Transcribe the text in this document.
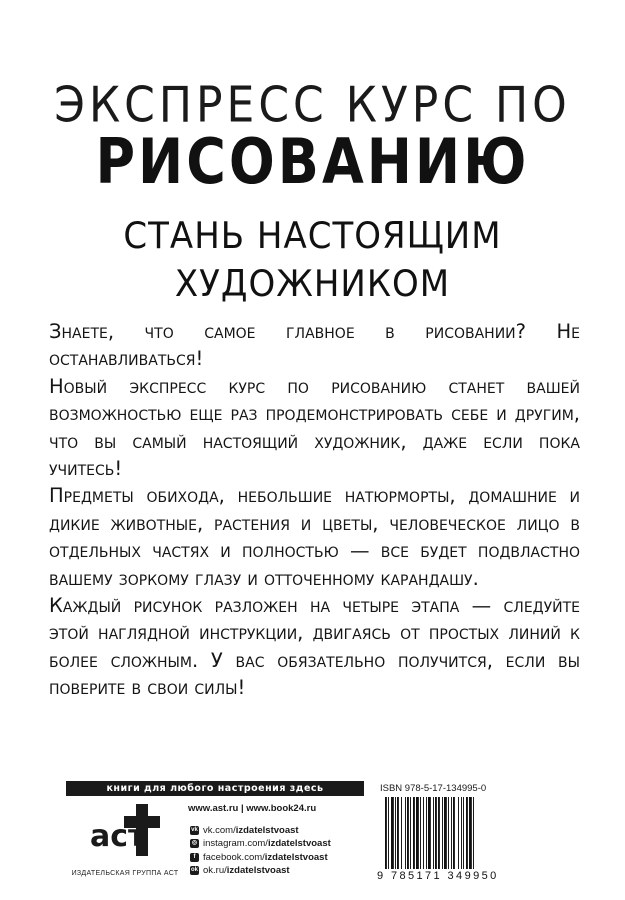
ЭКСПРЕСС КУРС ПО
РИСОВАНИЮ
СТАНЬ НАСТОЯЩИМ
ХУДОЖНИКОМ

Знаете, что самое главное в рисовании? Не останавливаться!

Новый экспресс курс по рисованию станет вашей возможностью еще раз продемонстрировать себе и другим, что вы самый настоящий художник, даже если пока учитесь!

Предметы обихода, небольшие натюрморты, домашние и дикие животные, растения и цветы, человеческое лицо в отдельных частях и полностью — все будет подвластно вашему зоркому глазу и отточенному карандашу.

Каждый рисунок разложен на четыре этапа — следуйте этой наглядной инструкции, двигаясь от простых линий к более сложным. У вас обязательно получится, если вы поверите в свои силы!

книги для любого настроения здесь
аст
ИЗДАТЕЛЬСКАЯ ГРУППА АСТ
www.ast.ru | www.book24.ru
vk vk.com/ izdatelstvoast
◎ instagram.com/ izdatelstvoast
f facebook.com/ izdatelstvoast
ok ok.ru/ izdatelstvoast
ISBN 978-5-17-134995-0
9 785171 349950
